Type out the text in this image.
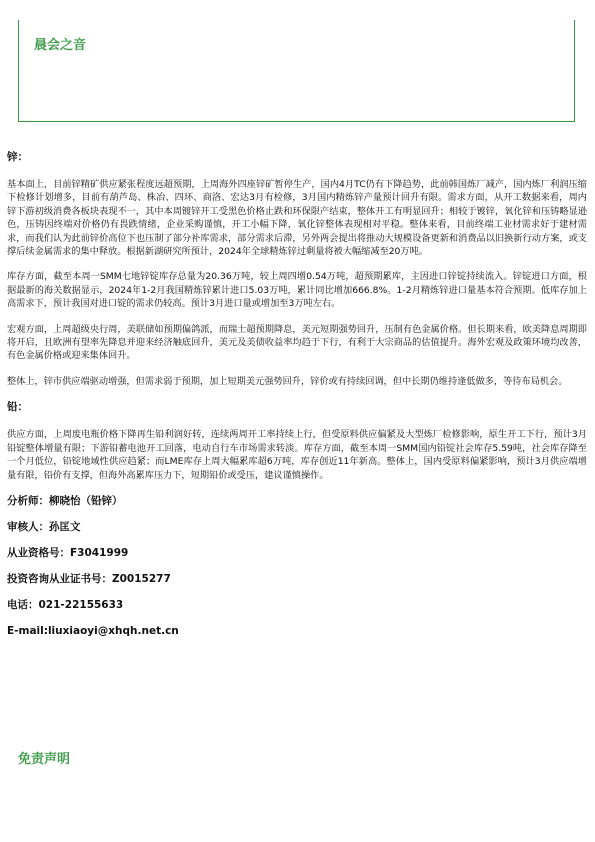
晨会之音
锌：
基本面上，目前锌精矿供应紧张程度远超预期，上周海外四座锌矿暂停生产，国内4月TC仍有下降趋势，此前韩国炼厂减产，国内炼厂利润压缩下检修计划增多，目前有葫芦岛、株冶、四环、商洛、宏达3月有检修，3月国内精炼锌产量预计回升有限。需求方面，从开工数据来看，周内锌下游初级消费各板块表现不一，其中本周镀锌开工受黑色价格止跌和环保限产结束，整体开工有明显回升；相较于镀锌，氧化锌和压铸略显逊色，压铸因终端对价格仍有畏跌情绪，企业采购谨慎，开工小幅下降，氧化锌整体表现相对平稳。整体来看，目前终端工业材需求好于建材需求，而我们认为此前锌价高位下也压制了部分补库需求，部分需求后滞，另外两会提出将推动大规模设备更新和消费品以旧换新行动方案，或支撑后续金属需求的集中释放。根据新湖研究所预计，2024年全球精炼锌过剩量将被大幅缩减至20万吨。
库存方面，截至本周一SMM七地锌锭库存总量为20.36万吨，较上周四增0.54万吨，超预期累库，主因进口锌锭持续流入。锌锭进口方面，根据最新的海关数据显示，2024年1-2月我国精炼锌累计进口5.03万吨，累计同比增加666.8%。1-2月精炼锌进口量基本符合预期。低库存加上高需求下，预计我国对进口锭的需求仍较高。预计3月进口量或增加至3万吨左右。
宏观方面，上周超级央行周，美联储如预期偏鸽派，而瑞士超预期降息，美元短期强势回升，压制有色金属价格。但长期来看，欧美降息周期即将开启，且欧洲有望率先降息并迎来经济触底回升，美元及美债收益率均趋于下行，有利于大宗商品的估值提升。海外宏观及政策环境均改善，有色金属价格或迎来集体回升。
整体上，锌市供应端驱动增强，但需求弱于预期，加上短期美元强势回升，锌价或有持续回调，但中长期仍维持逢低做多，等待布局机会。
铅：
供应方面，上周废电瓶价格下降再生铅利润好转，连续两周开工率持续上行，但受原料供应偏紧及大型炼厂检修影响，原生开工下行，预计3月铅锭整体增量有限；下游铅蓄电池开工回落，电动自行车市场需求转淡。库存方面，截至本周一SMM国内铅锭社会库存5.59吨，社会库存降至一个月低位，铅锭地域性供应趋紧；而LME库存上周大幅累库超6万吨，库存创近11年新高。整体上，国内受原料偏紧影响，预计3月供应端增量有限，铅价有支撑，但海外高累库压力下，短期铅价或受压，建议谨慎操作。
分析师：柳晓怡（铅锌）
审核人：孙匡文
从业资格号：F3041999
投资咨询从业证书号：Z0015277
电话：021-22155633
E-mail:liuxiaoyi@xhqh.net.cn
免责声明
